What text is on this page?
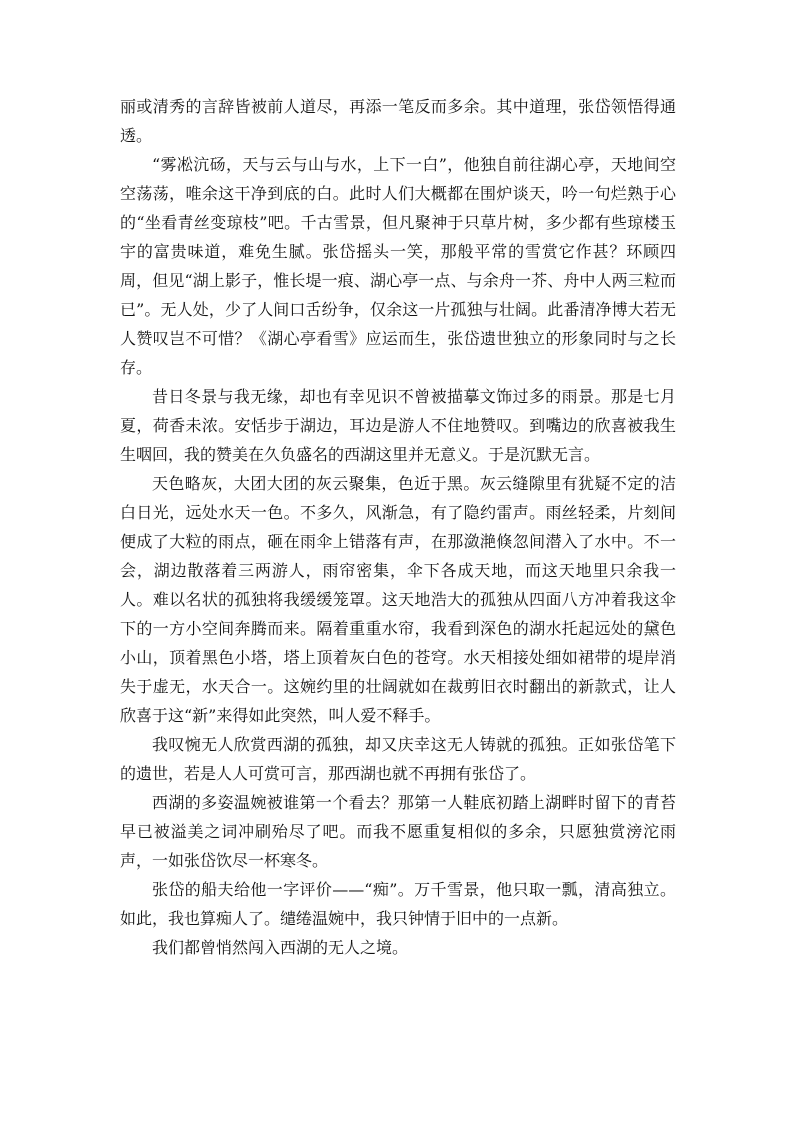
丽或清秀的言辞皆被前人道尽，再添一笔反而多余。其中道理，张岱领悟得通透。

“雾凇沆砀，天与云与山与水，上下一白”，他独自前往湖心亭，天地间空空荡荡，唯余这干净到底的白。此时人们大概都在围炉谈天，吟一句烂熟于心的“坐看青丝变琼枝”吧。千古雪景，但凡聚神于只草片树，多少都有些琼楼玉宇的富贵味道，难免生腻。张岱摇头一笑，那般平常的雪赏它作甚？环顾四周，但见“湖上影子，惟长堤一痕、湖心亭一点、与余舟一芥、舟中人两三粒而已”。无人处，少了人间口舌纷争，仅余这一片孤独与壮阔。此番清净博大若无人赞叹岂不可惜？《湖心亭看雪》应运而生，张岱遗世独立的形象同时与之长存。

昔日冬景与我无缘，却也有幸见识不曾被描摹文饰过多的雨景。那是七月夏，荷香未浓。安恬步于湖边，耳边是游人不住地赞叹。到嘴边的欣喜被我生生咽回，我的赞美在久负盛名的西湖这里并无意义。于是沉默无言。

天色略灰，大团大团的灰云聚集，色近于黑。灰云缝隙里有犹疑不定的洁白日光，远处水天一色。不多久，风渐急，有了隐约雷声。雨丝轻柔，片刻间便成了大粒的雨点，砸在雨伞上错落有声，在那潋滟倏忽间潜入了水中。不一会，湖边散落着三两游人，雨帘密集，伞下各成天地，而这天地里只余我一人。难以名状的孤独将我缓缓笼罩。这天地浩大的孤独从四面八方冲着我这伞下的一方小空间奔腾而来。隔着重重水帘，我看到深色的湖水托起远处的黛色小山，顶着黑色小塔，塔上顶着灰白色的苍穹。水天相接处细如裙带的堤岸消失于虚无，水天合一。这婉约里的壮阔就如在裁剪旧衣时翻出的新款式，让人欣喜于这“新”来得如此突然，叫人爱不释手。

我叹惋无人欣赏西湖的孤独，却又庆幸这无人铸就的孤独。正如张岱笔下的遗世，若是人人可赏可言，那西湖也就不再拥有张岱了。

西湖的多姿温婉被谁第一个看去？那第一人鞋底初踏上湖畔时留下的青苔早已被溢美之词冲刷殆尽了吧。而我不愿重复相似的多余，只愿独赏滂沱雨声，一如张岱饮尽一杯寒冬。

张岱的船夫给他一字评价——“痴”。万千雪景，他只取一瓢，清高独立。如此，我也算痴人了。缱绻温婉中，我只钟情于旧中的一点新。

我们都曾悄然闯入西湖的无人之境。
